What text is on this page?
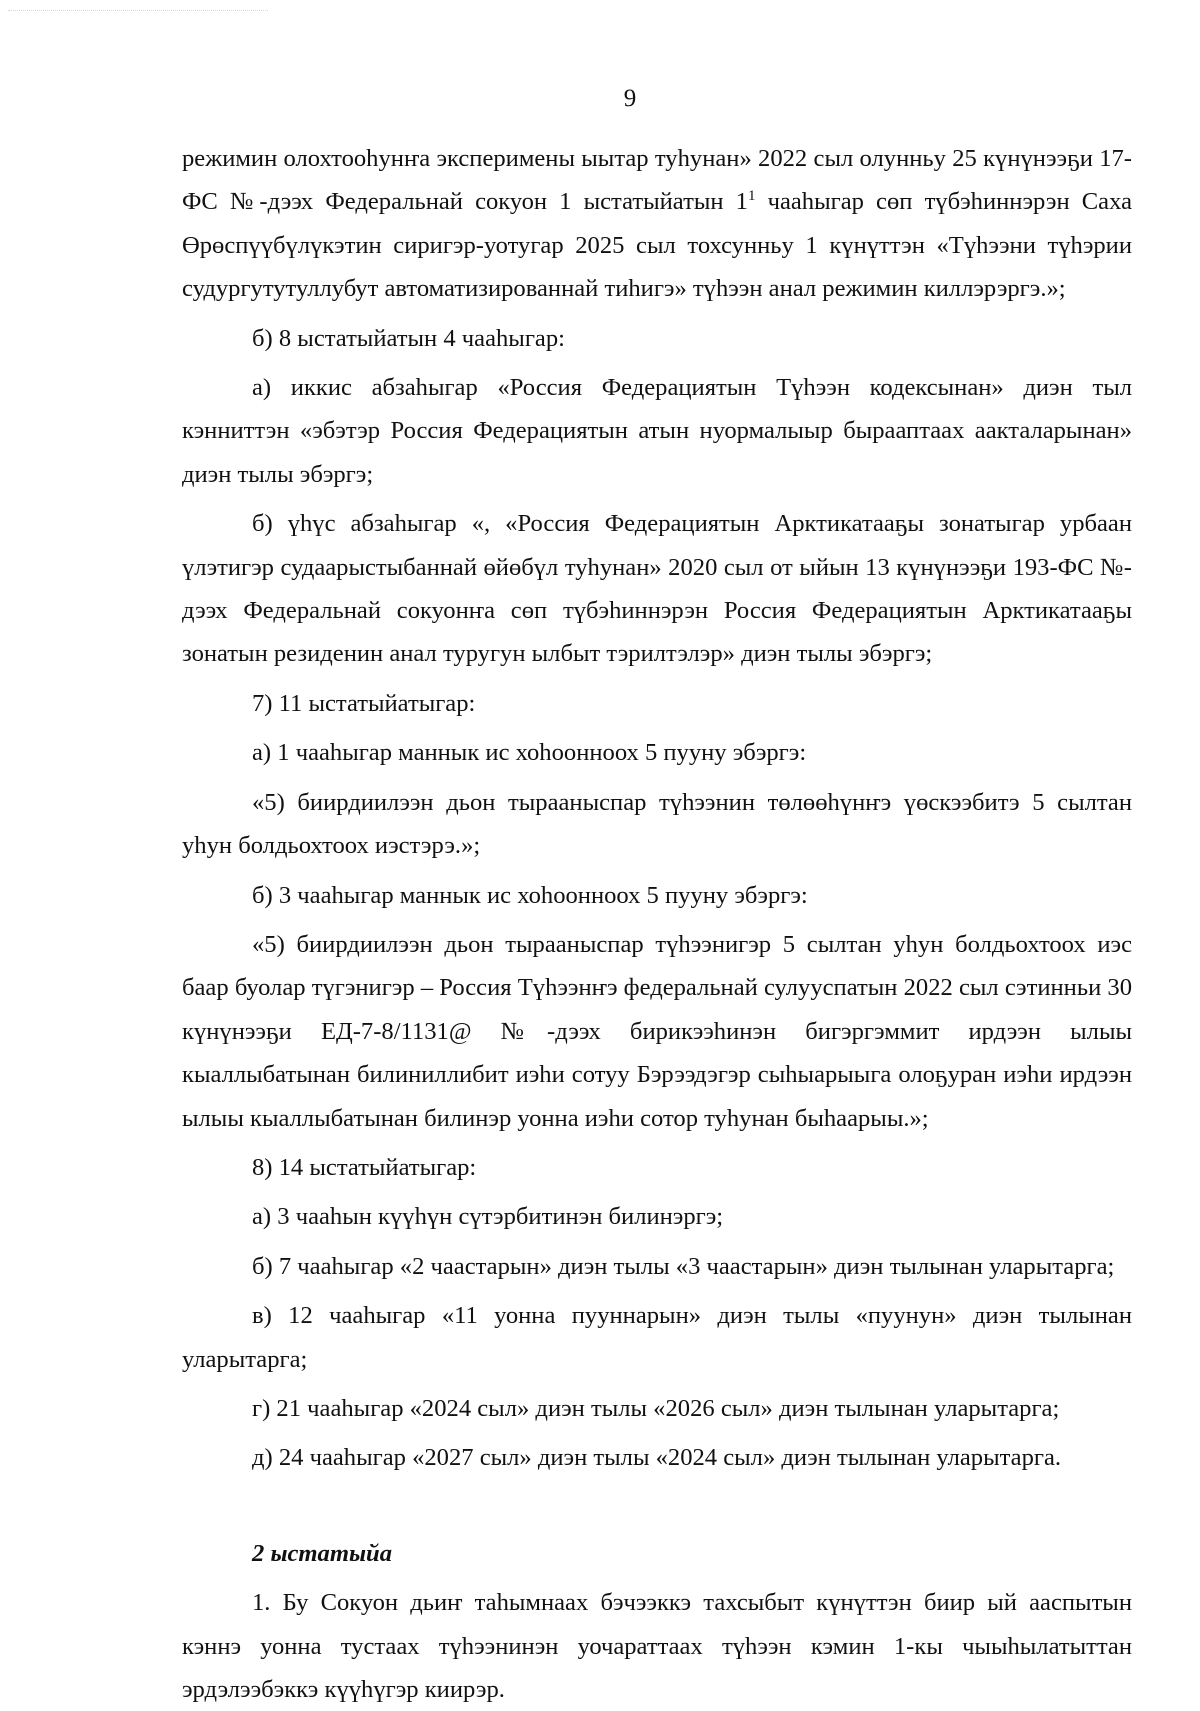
9

режимин олохтооһунҥа эксперимены ыытар туһунан» 2022 сыл олунньу 25 күнүнээҕи 17-ФС №-дээх Федеральнай сокуон 1 ыстатыйатын $1^1$ чааһыгар сөп түбэһиннэрэн Саха Өрөспүүбүлүкэтин сиригэр-уотугар 2025 сыл тохсунньу 1 күнүттэн «Түһээни түһэрии судургутутуллубут автоматизированнай тиһигэ» түһээн анал режимин киллэрэргэ.»;

б) 8 ыстатыйатын 4 чааһыгар:

а) иккис абзаһыгар «Россия Федерациятын Түһээн кодексынан» диэн тыл кэнниттэн «эбэтэр Россия Федерациятын атын нуормалыыр бырааптаах аакталарынан» диэн тылы эбэргэ;

б) үһүс абзаһыгар «, «Россия Федерациятын Арктикатааҕы зонатыгар урбаан үлэтигэр судаарыстыбаннай өйөбүл туһунан» 2020 сыл от ыйын 13 күнүнээҕи 193-ФС №-дээх Федеральнай сокуонҥа сөп түбэһиннэрэн Россия Федерациятын Арктикатааҕы зонатын резиденин анал туругун ылбыт тэрилтэлэр» диэн тылы эбэргэ;

7) 11 ыстатыйатыгар:

а) 1 чааһыгар маннык ис хоһоонноох 5 пууну эбэргэ:

«5) биирдиилээн дьон тырааныспар түһээнин төлөөһүнҥэ үөскээбитэ 5 сылтан уһун болдьохтоох иэстэрэ.»;

б) 3 чааһыгар маннык ис хоһоонноох 5 пууну эбэргэ:

«5) биирдиилээн дьон тырааныспар түһээнигэр 5 сылтан уһун болдьохтоох иэс баар буолар түгэнигэр – Россия Түһээнҥэ федеральнай сулууспатын 2022 сыл сэтинньи 30 күнүнээҕи ЕД-7-8/1131@ №-дээх бирикээһинэн бигэргэммит ирдээн ылыы кыаллыбатынан билиниллибит иэһи сотуу Бэрээдэгэр сыһыарыыга олоҕуран иэһи ирдээн ылыы кыаллыбатынан билинэр уонна иэһи сотор туһунан быһаарыы.»;

8) 14 ыстатыйатыгар:

а) 3 чааһын күүһүн сүтэрбитинэн билинэргэ;

б) 7 чааһыгар «2 чаастарын» диэн тылы «3 чаастарын» диэн тылынан уларытарга;

в) 12 чааһыгар «11 уонна пууннарын» диэн тылы «пуунун» диэн тылынан уларытарга;

г) 21 чааһыгар «2024 сыл» диэн тылы «2026 сыл» диэн тылынан уларытарга;

д) 24 чааһыгар «2027 сыл» диэн тылы «2024 сыл» диэн тылынан уларытарга.

2 ыстатыйа

1. Бу Сокуон дьиҥ таһымнаах бэчээккэ тахсыбыт күнүттэн биир ый ааспытын кэннэ уонна тустаах түһээнинэн уочараттаах түһээн кэмин 1-кы чыыһылатыттан эрдэлээбэккэ күүһүгэр киирэр.
